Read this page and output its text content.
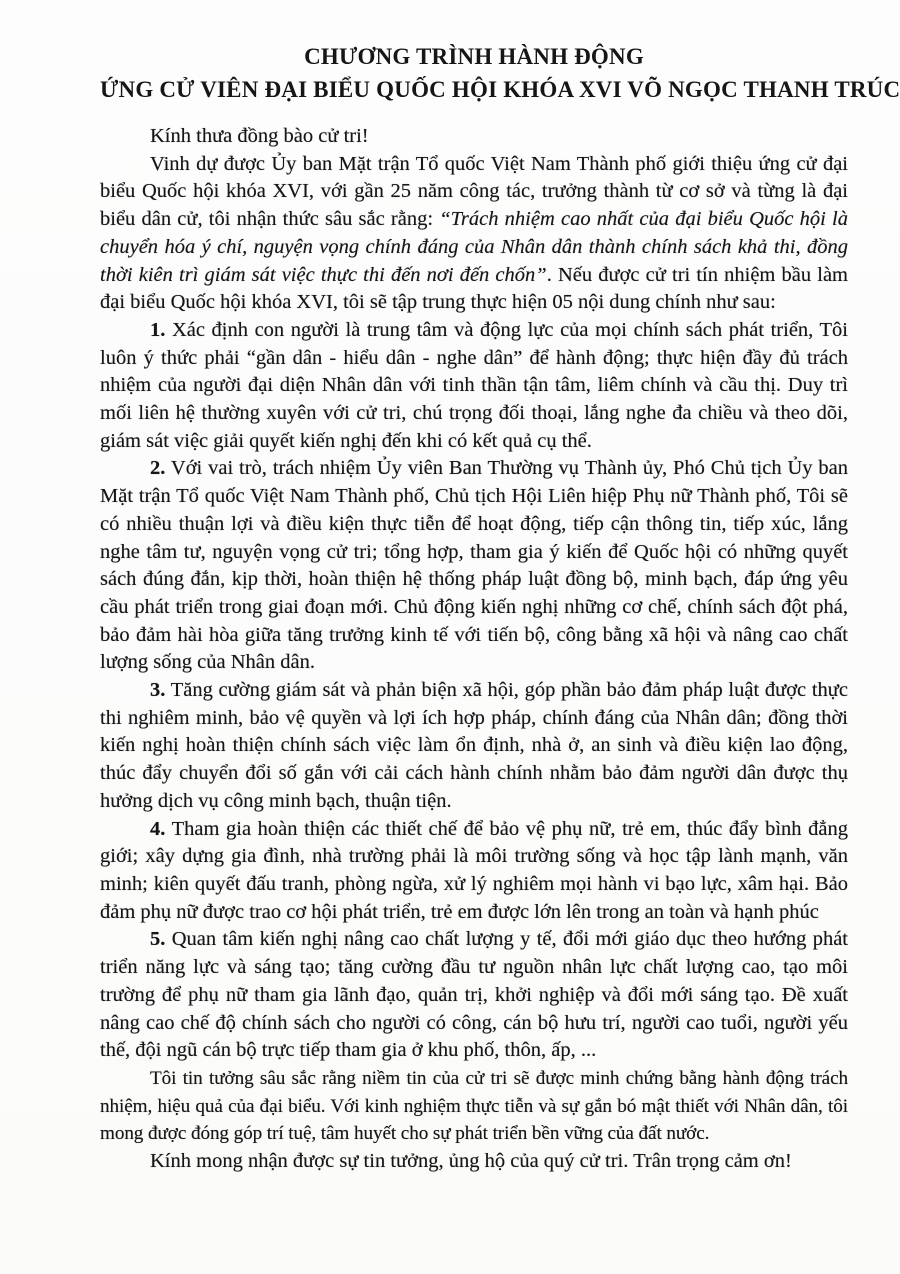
CHƯƠNG TRÌNH HÀNH ĐỘNG
ỨNG CỬ VIÊN ĐẠI BIỂU QUỐC HỘI KHÓA XVI VÕ NGỌC THANH TRÚC

Kính thưa đồng bào cử tri!

Vinh dự được Ủy ban Mặt trận Tổ quốc Việt Nam Thành phố giới thiệu ứng cử đại biểu Quốc hội khóa XVI, với gần 25 năm công tác, trưởng thành từ cơ sở và từng là đại biểu dân cử, tôi nhận thức sâu sắc rằng: “Trách nhiệm cao nhất của đại biểu Quốc hội là chuyển hóa ý chí, nguyện vọng chính đáng của Nhân dân thành chính sách khả thi, đồng thời kiên trì giám sát việc thực thi đến nơi đến chốn”. Nếu được cử tri tín nhiệm bầu làm đại biểu Quốc hội khóa XVI, tôi sẽ tập trung thực hiện 05 nội dung chính như sau:

1. Xác định con người là trung tâm và động lực của mọi chính sách phát triển, Tôi luôn ý thức phải “gần dân - hiểu dân - nghe dân” để hành động; thực hiện đầy đủ trách nhiệm của người đại diện Nhân dân với tinh thần tận tâm, liêm chính và cầu thị. Duy trì mối liên hệ thường xuyên với cử tri, chú trọng đối thoại, lắng nghe đa chiều và theo dõi, giám sát việc giải quyết kiến nghị đến khi có kết quả cụ thể.

2. Với vai trò, trách nhiệm Ủy viên Ban Thường vụ Thành ủy, Phó Chủ tịch Ủy ban Mặt trận Tổ quốc Việt Nam Thành phố, Chủ tịch Hội Liên hiệp Phụ nữ Thành phố, Tôi sẽ có nhiều thuận lợi và điều kiện thực tiễn để hoạt động, tiếp cận thông tin, tiếp xúc, lắng nghe tâm tư, nguyện vọng cử tri; tổng hợp, tham gia ý kiến để Quốc hội có những quyết sách đúng đắn, kịp thời, hoàn thiện hệ thống pháp luật đồng bộ, minh bạch, đáp ứng yêu cầu phát triển trong giai đoạn mới. Chủ động kiến nghị những cơ chế, chính sách đột phá, bảo đảm hài hòa giữa tăng trưởng kinh tế với tiến bộ, công bằng xã hội và nâng cao chất lượng sống của Nhân dân.

3. Tăng cường giám sát và phản biện xã hội, góp phần bảo đảm pháp luật được thực thi nghiêm minh, bảo vệ quyền và lợi ích hợp pháp, chính đáng của Nhân dân; đồng thời kiến nghị hoàn thiện chính sách việc làm ổn định, nhà ở, an sinh và điều kiện lao động, thúc đẩy chuyển đổi số gắn với cải cách hành chính nhằm bảo đảm người dân được thụ hưởng dịch vụ công minh bạch, thuận tiện.

4. Tham gia hoàn thiện các thiết chế để bảo vệ phụ nữ, trẻ em, thúc đẩy bình đẳng giới; xây dựng gia đình, nhà trường phải là môi trường sống và học tập lành mạnh, văn minh; kiên quyết đấu tranh, phòng ngừa, xử lý nghiêm mọi hành vi bạo lực, xâm hại. Bảo đảm phụ nữ được trao cơ hội phát triển, trẻ em được lớn lên trong an toàn và hạnh phúc

5. Quan tâm kiến nghị nâng cao chất lượng y tế, đổi mới giáo dục theo hướng phát triển năng lực và sáng tạo; tăng cường đầu tư nguồn nhân lực chất lượng cao, tạo môi trường để phụ nữ tham gia lãnh đạo, quản trị, khởi nghiệp và đổi mới sáng tạo. Đề xuất nâng cao chế độ chính sách cho người có công, cán bộ hưu trí, người cao tuổi, người yếu thế, đội ngũ cán bộ trực tiếp tham gia ở khu phố, thôn, ấp, ...

Tôi tin tưởng sâu sắc rằng niềm tin của cử tri sẽ được minh chứng bằng hành động trách nhiệm, hiệu quả của đại biểu. Với kinh nghiệm thực tiễn và sự gắn bó mật thiết với Nhân dân, tôi mong được đóng góp trí tuệ, tâm huyết cho sự phát triển bền vững của đất nước.

Kính mong nhận được sự tin tưởng, ủng hộ của quý cử tri. Trân trọng cảm ơn!
